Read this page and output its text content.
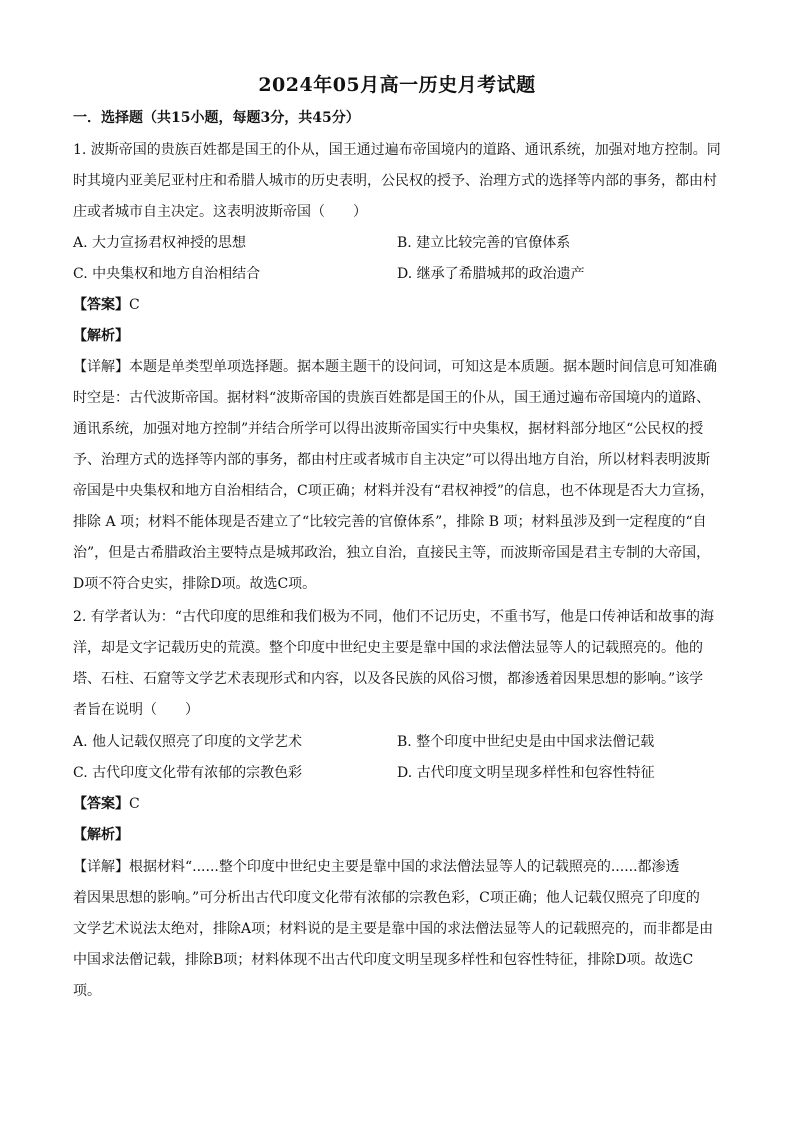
2024年05月高一历史月考试题
一．选择题（共15小题，每题3分，共45分）
1. 波斯帝国的贵族百姓都是国王的仆从，国王通过遍布帝国境内的道路、通讯系统，加强对地方控制。同
时其境内亚美尼亚村庄和希腊人城市的历史表明，公民权的授予、治理方式的选择等内部的事务，都由村
庄或者城市自主决定。这表明波斯帝国（　　）
A. 大力宣扬君权神授的思想	B. 建立比较完善的官僚体系
C. 中央集权和地方自治相结合	D. 继承了希腊城邦的政治遗产
【答案】C
【解析】
【详解】本题是单类型单项选择题。据本题主题干的设问词，可知这是本质题。据本题时间信息可知准确
时空是：古代波斯帝国。据材料“波斯帝国的贵族百姓都是国王的仆从，国王通过遍布帝国境内的道路、
通讯系统，加强对地方控制”并结合所学可以得出波斯帝国实行中央集权，据材料部分地区“公民权的授
予、治理方式的选择等内部的事务，都由村庄或者城市自主决定”可以得出地方自治，所以材料表明波斯
帝国是中央集权和地方自治相结合，C项正确；材料并没有“君权神授”的信息，也不体现是否大力宣扬，
排除 A 项；材料不能体现是否建立了“比较完善的官僚体系”，排除 B 项；材料虽涉及到一定程度的“自
治”，但是古希腊政治主要特点是城邦政治，独立自治，直接民主等，而波斯帝国是君主专制的大帝国，
D项不符合史实，排除D项。故选C项。
2. 有学者认为：“古代印度的思维和我们极为不同，他们不记历史，不重书写，他是口传神话和故事的海
洋，却是文字记载历史的荒漠。整个印度中世纪史主要是靠中国的求法僧法显等人的记载照亮的。他的
塔、石柱、石窟等文学艺术表现形式和内容，以及各民族的风俗习惯，都渗透着因果思想的影响。”该学
者旨在说明（　　）
A. 他人记载仅照亮了印度的文学艺术	B. 整个印度中世纪史是由中国求法僧记载
C. 古代印度文化带有浓郁的宗教色彩	D. 古代印度文明呈现多样性和包容性特征
【答案】C
【解析】
【详解】根据材料“......整个印度中世纪史主要是靠中国的求法僧法显等人的记载照亮的......都渗透
着因果思想的影响。”可分析出古代印度文化带有浓郁的宗教色彩，C项正确；他人记载仅照亮了印度的
文学艺术说法太绝对，排除A项；材料说的是主要是靠中国的求法僧法显等人的记载照亮的，而非都是由
中国求法僧记载，排除B项；材料体现不出古代印度文明呈现多样性和包容性特征，排除D项。故选C
项。
